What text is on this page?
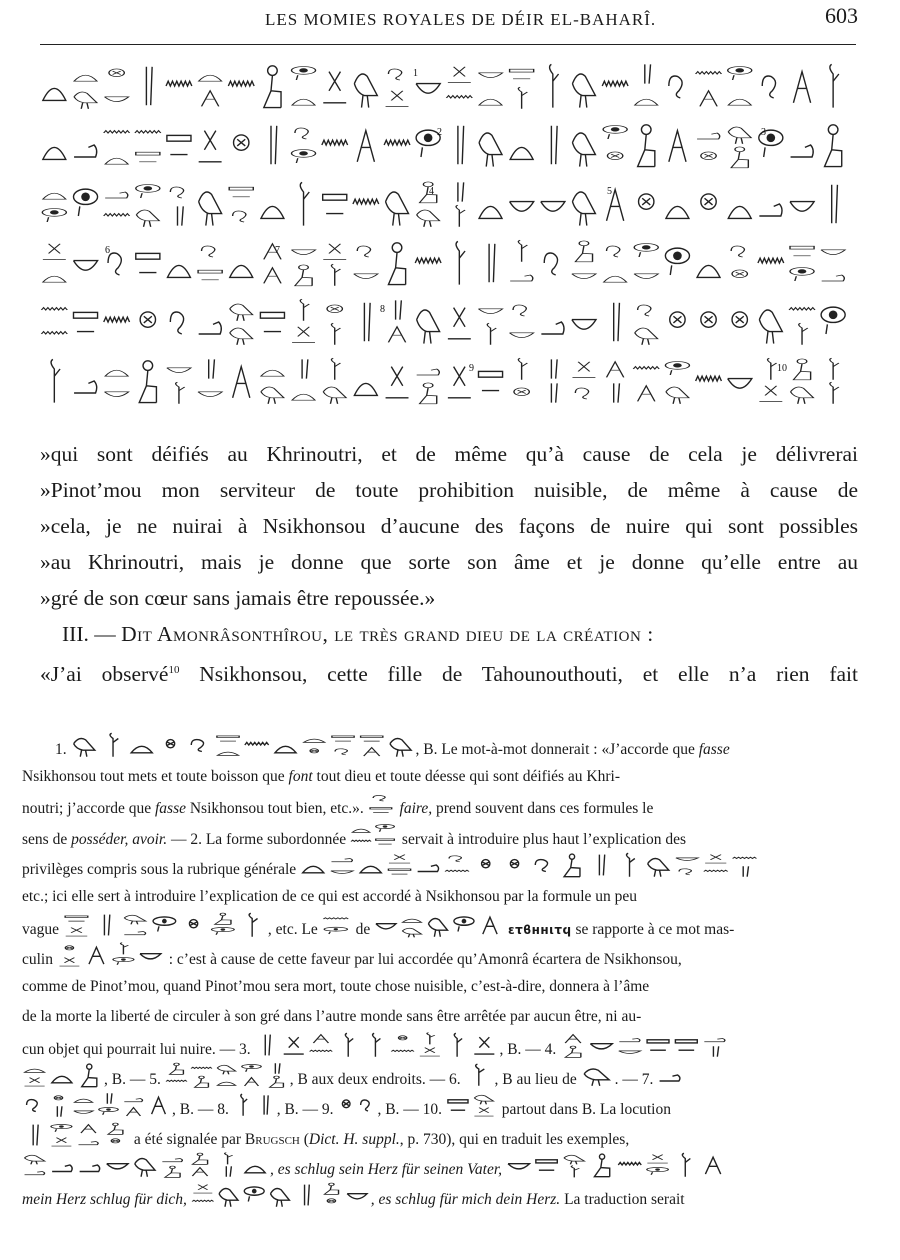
LES MOMIES ROYALES DE DÉIR EL-BAHARÎ.	603
1
2	3
4	5
6	7
8
9	10
»qui sont déifiés au Khrinoutri, et de même qu’à cause de cela je délivrerai
»Pinot’mou mon serviteur de toute prohibition nuisible, de même à cause de
»cela, je ne nuirai à Nsikhonsou d’aucune des façons de nuire qui sont possibles
»au Khrinoutri, mais je donne que sorte son âme et je donne qu’elle entre au
»gré de son cœur sans jamais être repoussée.»
III. — Dit Amonrâsonthîrou, le très grand dieu de la création :
«J’ai observé$^{10}$ Nsikhonsou, cette fille de Tahounouthouti, et elle n’a rien fait
1.	, B. Le mot-à-mot donnerait : «J’accorde que fasse
Nsikhonsou tout mets et toute boisson que font tout dieu et toute déesse qui sont déifiés au Khri-
noutri; j’accorde que fasse Nsikhonsou tout bien, etc.».  faire, prend souvent dans ces formules le
sens de posséder, avoir. — 2. La forme subordonnée	servait à introduire plus haut l’explication des
privilèges compris sous la rubrique générale
etc.; ici elle sert à introduire l’explication de ce qui est accordé à Nsikhonsou par la formule un peu
vague	, etc. Le  de	ετϐннιτϥ se rapporte à ce mot mas-
culin	: c’est à cause de cette faveur par lui accordée qu’Amonrâ écartera de Nsikhonsou,
comme de Pinot’mou, quand Pinot’mou sera mort, toute chose nuisible, c’est-à-dire, donnera à l’âme
de la morte la liberté de circuler à son gré dans l’autre monde sans être arrêtée par aucun être, ni au-
cun objet qui pourrait lui nuire. — 3.	, B. — 4.
, B. — 5.	, B aux deux endroits. — 6. , B au lieu de . — 7.
, B. — 8.	, B. — 9.	, B. — 10.	partout dans B. La locution
a été signalée par Brugsch (Dict. H. suppl., p. 730), qui en traduit les exemples,
, es schlug sein Herz für seinen Vater,
mein Herz schlug für dich,	, es schlug für mich dein Herz. La traduction serait
